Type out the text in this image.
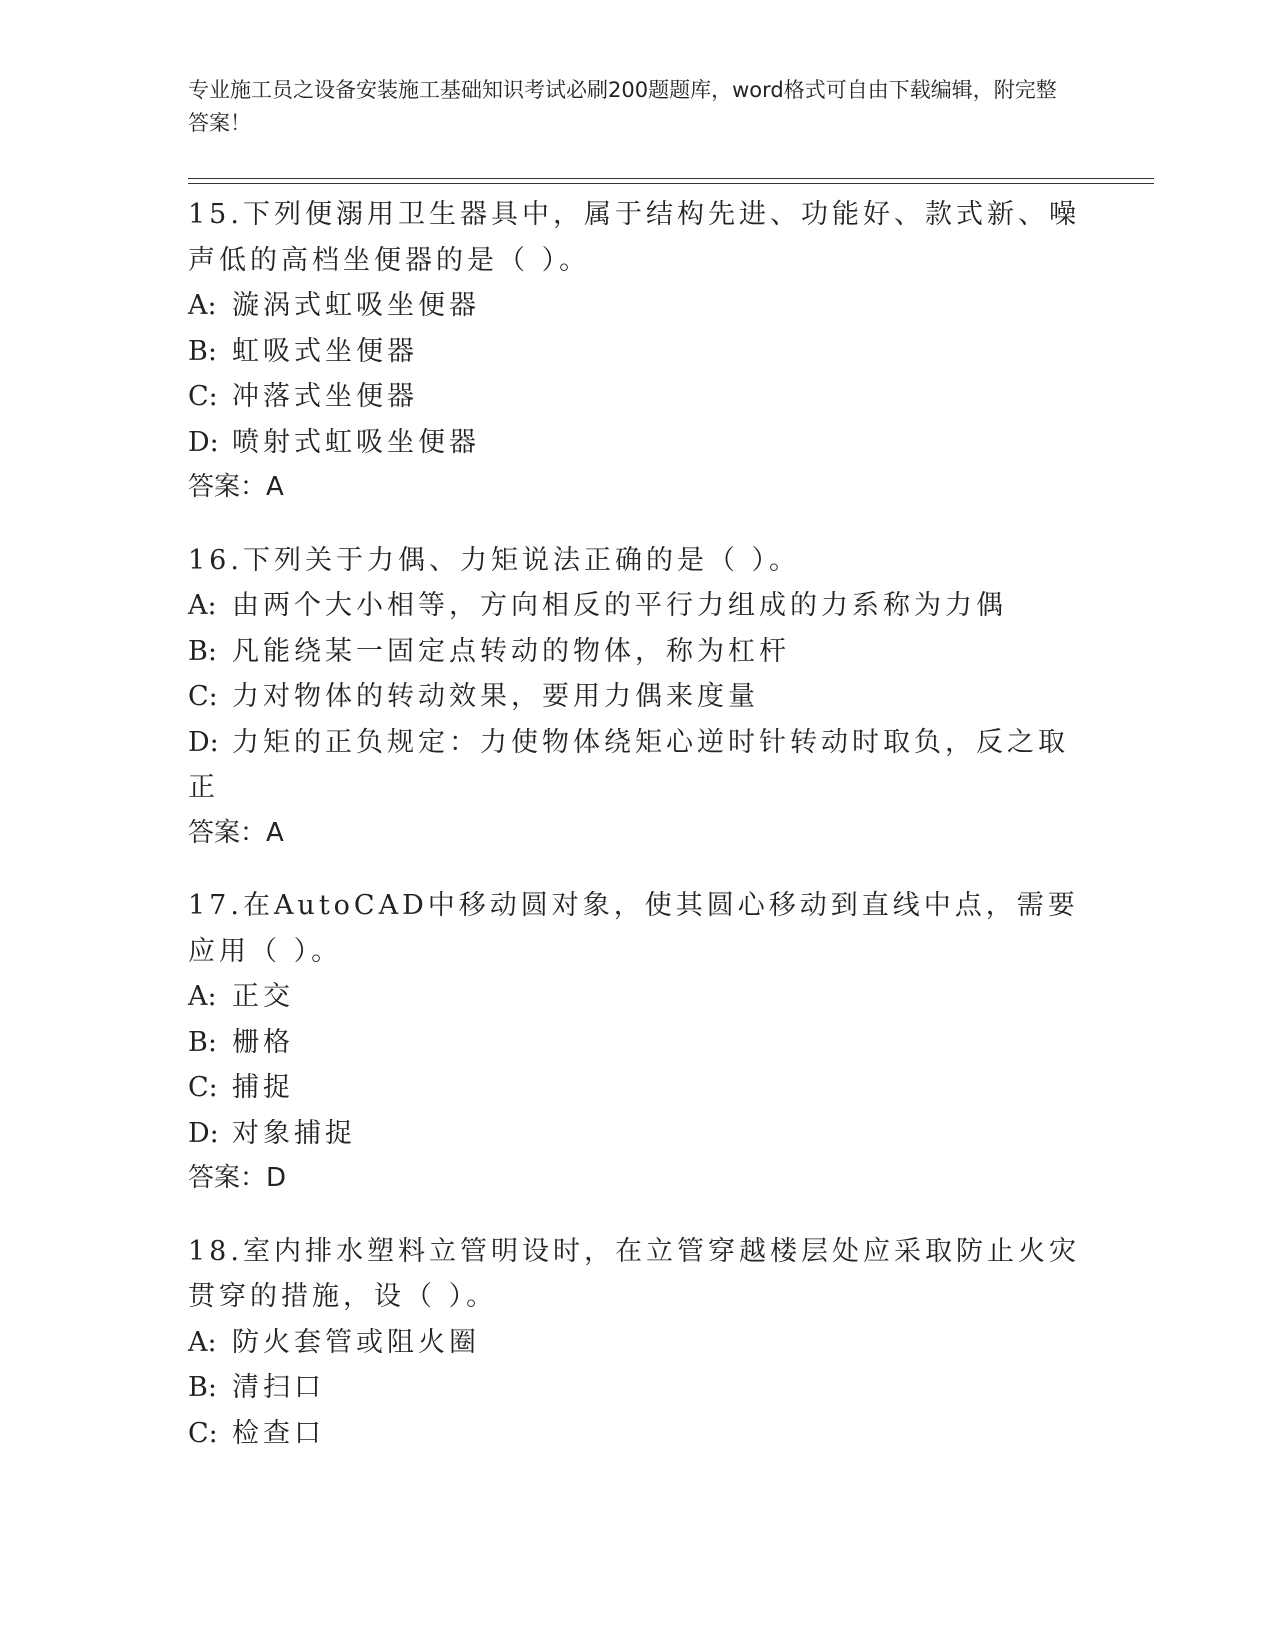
专业施工员之设备安装施工基础知识考试必刷200题题库，word格式可自由下载编辑，附完整答案！
15.下列便溺用卫生器具中，属于结构先进、功能好、款式新、噪声低的高档坐便器的是（ ）。
A: 漩涡式虹吸坐便器
B: 虹吸式坐便器
C: 冲落式坐便器
D: 喷射式虹吸坐便器
答案：A
16.下列关于力偶、力矩说法正确的是（ ）。
A: 由两个大小相等，方向相反的平行力组成的力系称为力偶
B: 凡能绕某一固定点转动的物体，称为杠杆
C: 力对物体的转动效果，要用力偶来度量
D: 力矩的正负规定：力使物体绕矩心逆时针转动时取负，反之取正
答案：A
17.在AutoCAD中移动圆对象，使其圆心移动到直线中点，需要应用（ ）。
A: 正交
B: 栅格
C: 捕捉
D: 对象捕捉
答案：D
18.室内排水塑料立管明设时，在立管穿越楼层处应采取防止火灾贯穿的措施，设（ ）。
A: 防火套管或阻火圈
B: 清扫口
C: 检查口
